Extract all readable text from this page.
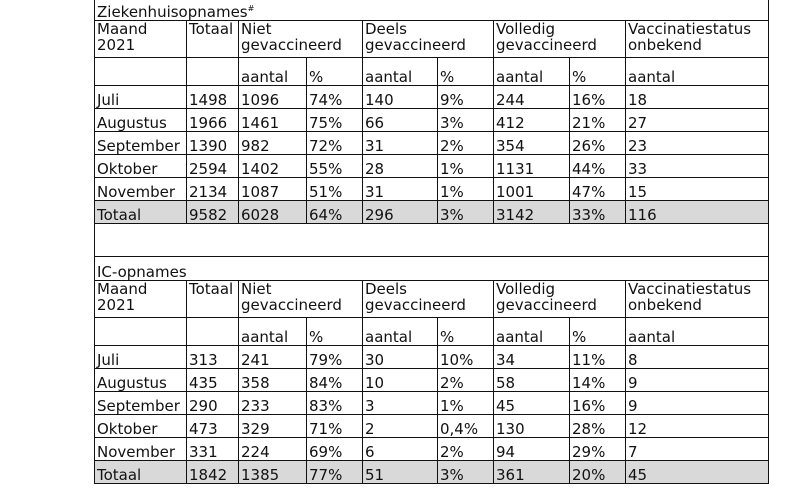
Ziekenhuisopnames#
Maand 2021	Totaal	Niet gevaccineerd		Deels gevaccineerd		Volledig gevaccineerd		Vaccinatiestatus onbekend
		aantal	%	aantal	%	aantal	%	aantal
Juli	1498	1096	74%	140	9%	244	16%	18
Augustus	1966	1461	75%	66	3%	412	21%	27
September	1390	982	72%	31	2%	354	26%	23
Oktober	2594	1402	55%	28	1%	1131	44%	33
November	2134	1087	51%	31	1%	1001	47%	15
Totaal	9582	6028	64%	296	3%	3142	33%	116

IC-opnames								
Maand 2021	Totaal	Niet gevaccineerd		Deels gevaccineerd		Volledig gevaccineerd		Vaccinatiestatus onbekend
		aantal	%	aantal	%	aantal	%	aantal
Juli	313	241	79%	30	10%	34	11%	8
Augustus	435	358	84%	10	2%	58	14%	9
September	290	233	83%	3	1%	45	16%	9
Oktober	473	329	71%	2	0,4%	130	28%	12
November	331	224	69%	6	2%	94	29%	7
Totaal	1842	1385	77%	51	3%	361	20%	45
